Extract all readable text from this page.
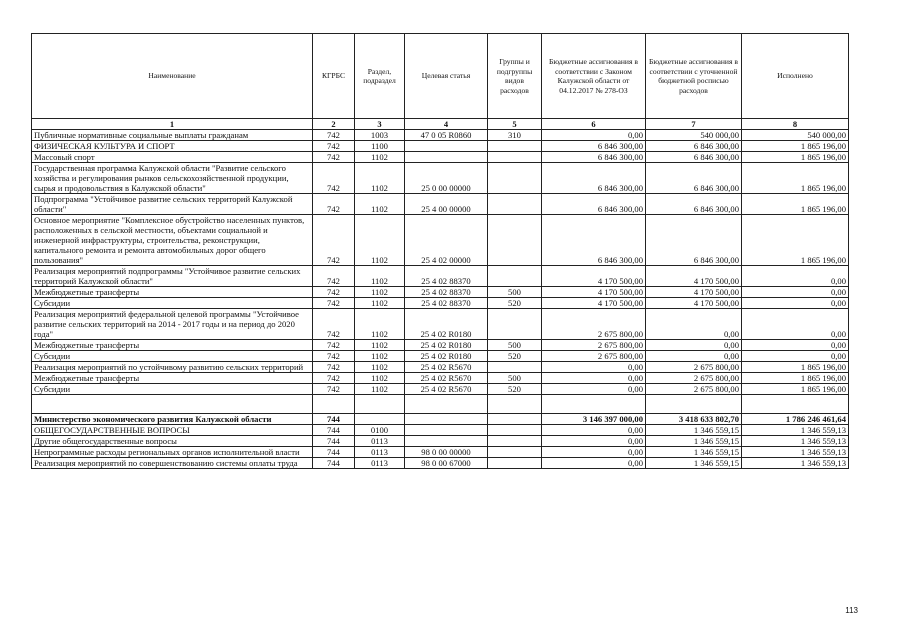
Наименование	КГРБС	Раздел, подраздел	Целевая статья	Группы и подгруппы видов расходов	Бюджетные ассигнования в соответствии с Законом Калужской области от 04.12.2017 № 278-ОЗ	Бюджетные ассигнования в соответствии с уточненной бюджетной росписью расходов	Исполнено
1	2	3	4	5	6	7	8
Публичные нормативные социальные выплаты гражданам	742	1003	47 0 05 R0860	310	0,00	540 000,00	540 000,00
ФИЗИЧЕСКАЯ КУЛЬТУРА И СПОРТ	742	1100			6 846 300,00	6 846 300,00	1 865 196,00
Массовый спорт	742	1102			6 846 300,00	6 846 300,00	1 865 196,00
Государственная программа Калужской области "Развитие сельского хозяйства и регулирования рынков сельскохозяйственной продукции, сырья и продовольствия в Калужской области"	742	1102	25 0 00 00000		6 846 300,00	6 846 300,00	1 865 196,00
Подпрограмма "Устойчивое развитие сельских территорий Калужской области"	742	1102	25 4 00 00000		6 846 300,00	6 846 300,00	1 865 196,00
Основное мероприятие "Комплексное обустройство населенных пунктов, расположенных в сельской местности, объектами социальной и инженерной инфраструктуры, строительства, реконструкции, капитального ремонта и ремонта автомобильных дорог общего пользования"	742	1102	25 4 02 00000		6 846 300,00	6 846 300,00	1 865 196,00
Реализация мероприятий подпрограммы "Устойчивое развитие сельских территорий Калужской области"	742	1102	25 4 02 88370		4 170 500,00	4 170 500,00	0,00
Межбюджетные трансферты	742	1102	25 4 02 88370	500	4 170 500,00	4 170 500,00	0,00
Субсидии	742	1102	25 4 02 88370	520	4 170 500,00	4 170 500,00	0,00
Реализация мероприятий федеральной целевой программы "Устойчивое развитие сельских территорий на 2014 - 2017 годы и на период до 2020 года"	742	1102	25 4 02 R0180		2 675 800,00	0,00	0,00
Межбюджетные трансферты	742	1102	25 4 02 R0180	500	2 675 800,00	0,00	0,00
Субсидии	742	1102	25 4 02 R0180	520	2 675 800,00	0,00	0,00
Реализация мероприятий по устойчивому развитию сельских территорий	742	1102	25 4 02 R5670		0,00	2 675 800,00	1 865 196,00
Межбюджетные трансферты	742	1102	25 4 02 R5670	500	0,00	2 675 800,00	1 865 196,00
Субсидии	742	1102	25 4 02 R5670	520	0,00	2 675 800,00	1 865 196,00

Министерство экономического развития Калужской области	744				3 146 397 000,00	3 418 633 802,70	1 786 246 461,64
ОБЩЕГОСУДАРСТВЕННЫЕ ВОПРОСЫ	744	0100			0,00	1 346 559,15	1 346 559,13
Другие общегосударственные вопросы	744	0113			0,00	1 346 559,15	1 346 559,13
Непрограммные расходы региональных органов исполнительной власти	744	0113	98 0 00 00000		0,00	1 346 559,15	1 346 559,13
Реализация мероприятий по совершенствованию системы оплаты труда	744	0113	98 0 00 67000		0,00	1 346 559,15	1 346 559,13
113
